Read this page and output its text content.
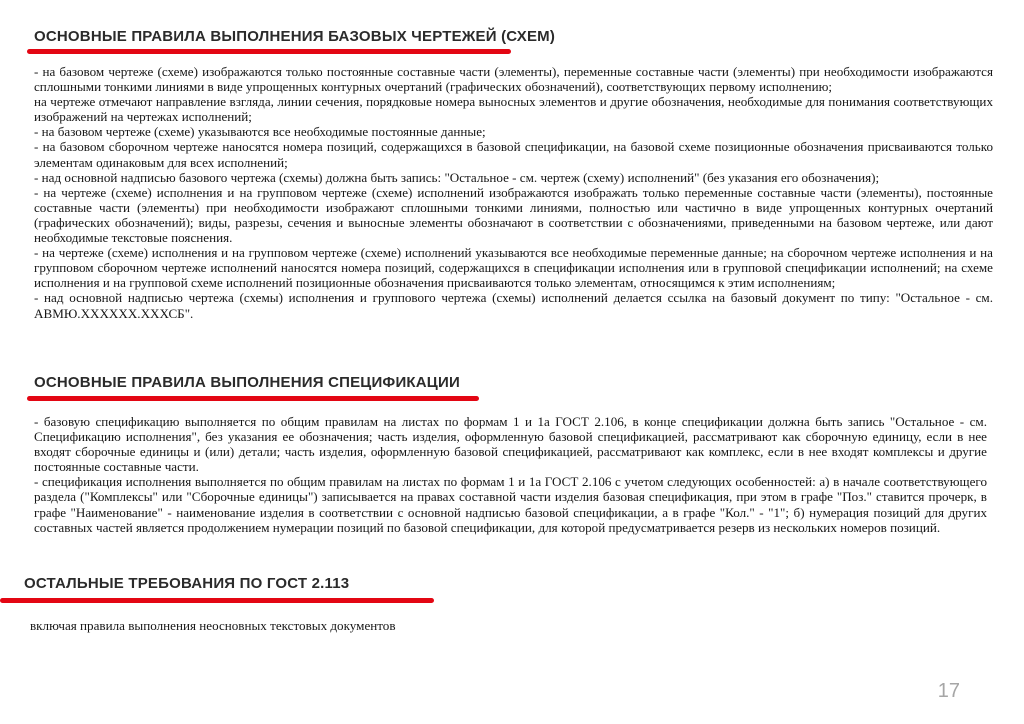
ОСНОВНЫЕ ПРАВИЛА ВЫПОЛНЕНИЯ БАЗОВЫХ ЧЕРТЕЖЕЙ (СХЕМ)

- на базовом чертеже (схеме) изображаются только постоянные составные части (элементы), переменные составные части (элементы) при необходимости изображаются сплошными тонкими линиями в виде упрощенных контурных очертаний (графических обозначений), соответствующих первому исполнению;

на чертеже отмечают направление взгляда, линии сечения, порядковые номера выносных элементов и другие обозначения, необходимые для понимания соответствующих изображений на чертежах исполнений;

- на базовом чертеже (схеме) указываются все необходимые постоянные данные;

- на базовом сборочном чертеже наносятся номера позиций, содержащихся в базовой спецификации, на базовой схеме позиционные обозначения присваиваются только элементам одинаковым для всех исполнений;

- над основной надписью базового чертежа (схемы) должна быть запись: "Остальное - см. чертеж (схему) исполнений" (без указания его обозначения);

- на чертеже (схеме) исполнения и на групповом чертеже (схеме) исполнений изображаются изображать только переменные составные части (элементы), постоянные составные части (элементы) при необходимости изображают сплошными тонкими линиями, полностью или частично в виде упрощенных контурных очертаний (графических обозначений); виды, разрезы, сечения и выносные элементы обозначают в соответствии с обозначениями, приведенными на базовом чертеже, или дают необходимые текстовые пояснения.

- на чертеже (схеме) исполнения и на групповом чертеже (схеме) исполнений указываются все необходимые переменные данные; на сборочном чертеже исполнения и на групповом сборочном чертеже исполнений наносятся номера позиций, содержащихся в спецификации исполнения или в групповой спецификации исполнений; на схеме исполнения и на групповой схеме исполнений позиционные обозначения присваиваются только элементам, относящимся к этим исполнениям;

- над основной надписью чертежа (схемы) исполнения и группового чертежа (схемы) исполнений делается ссылка на базовый документ по типу: "Остальное - см. АВМЮ.ХХХХХХ.ХХХСБ".

ОСНОВНЫЕ ПРАВИЛА ВЫПОЛНЕНИЯ СПЕЦИФИКАЦИИ

- базовую спецификацию выполняется по общим правилам на листах по формам 1 и 1а ГОСТ 2.106, в конце спецификации должна быть запись "Остальное - см. Спецификацию исполнения", без указания ее обозначения; часть изделия, оформленную базовой спецификацией, рассматривают как сборочную единицу, если в нее входят сборочные единицы и (или) детали; часть изделия, оформленную базовой спецификацией, рассматривают как комплекс, если в нее входят комплексы и другие постоянные составные части.

- спецификация исполнения выполняется по общим правилам на листах по формам 1 и 1а ГОСТ 2.106 с учетом следующих особенностей: а) в начале соответствующего раздела ("Комплексы" или "Сборочные единицы") записывается на правах составной части изделия базовая спецификация, при этом в графе "Поз." ставится прочерк, в графе "Наименование" - наименование изделия в соответствии с основной надписью базовой спецификации, а в графе "Кол." - "1"; б) нумерация позиций для других составных частей является продолжением нумерации позиций по базовой спецификации, для которой предусматривается резерв из нескольких номеров позиций.

ОСТАЛЬНЫЕ ТРЕБОВАНИЯ ПО ГОСТ 2.113

включая правила выполнения неосновных текстовых документов

17
